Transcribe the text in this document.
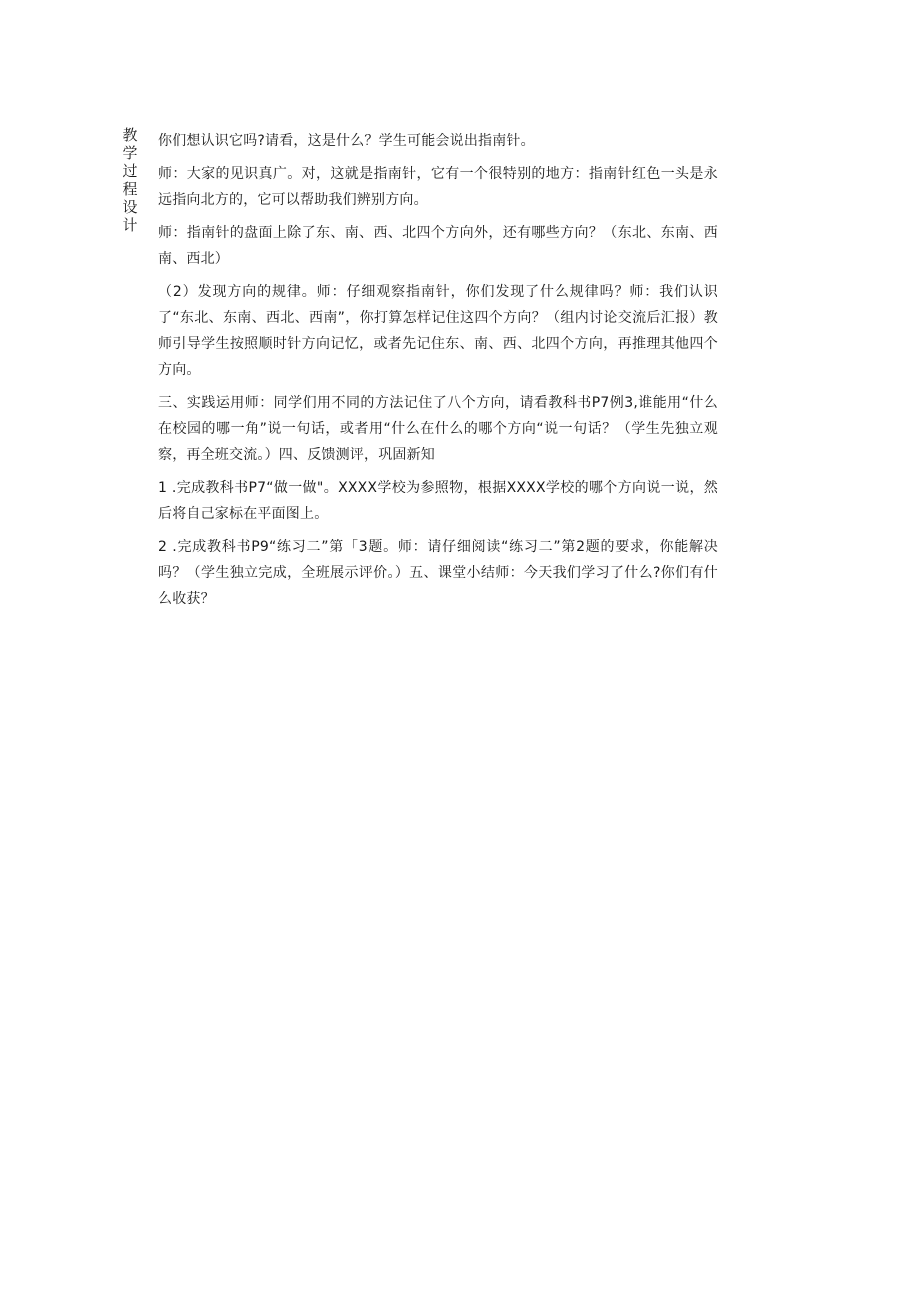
教学过程设计

你们想认识它吗?请看，这是什么？学生可能会说出指南针。

师：大家的见识真广。对，这就是指南针，它有一个很特别的地方：指南针红色一头是永远指向北方的，它可以帮助我们辨别方向。

师：指南针的盘面上除了东、南、西、北四个方向外，还有哪些方向？（东北、东南、西南、西北）

（2）发现方向的规律。师：仔细观察指南针，你们发现了什么规律吗？师：我们认识了“东北、东南、西北、西南”，你打算怎样记住这四个方向？（组内讨论交流后汇报）教师引导学生按照顺时针方向记忆，或者先记住东、南、西、北四个方向，再推理其他四个方向。

三、实践运用师：同学们用不同的方法记住了八个方向，请看教科书P7例3,谁能用“什么在校园的哪一角”说一句话，或者用“什么在什么的哪个方向“说一句话？（学生先独立观察，再全班交流。）四、反馈测评，巩固新知

1 .完成教科书P7“做一做"。XXXX学校为参照物，根据XXXX学校的哪个方向说一说，然后将自己家标在平面图上。

2 .完成教科书P9“练习二”第「3题。师：请仔细阅读“练习二”第2题的要求，你能解决吗？（学生独立完成，全班展示评价。）五、课堂小结师：今天我们学习了什么?你们有什么收获？
